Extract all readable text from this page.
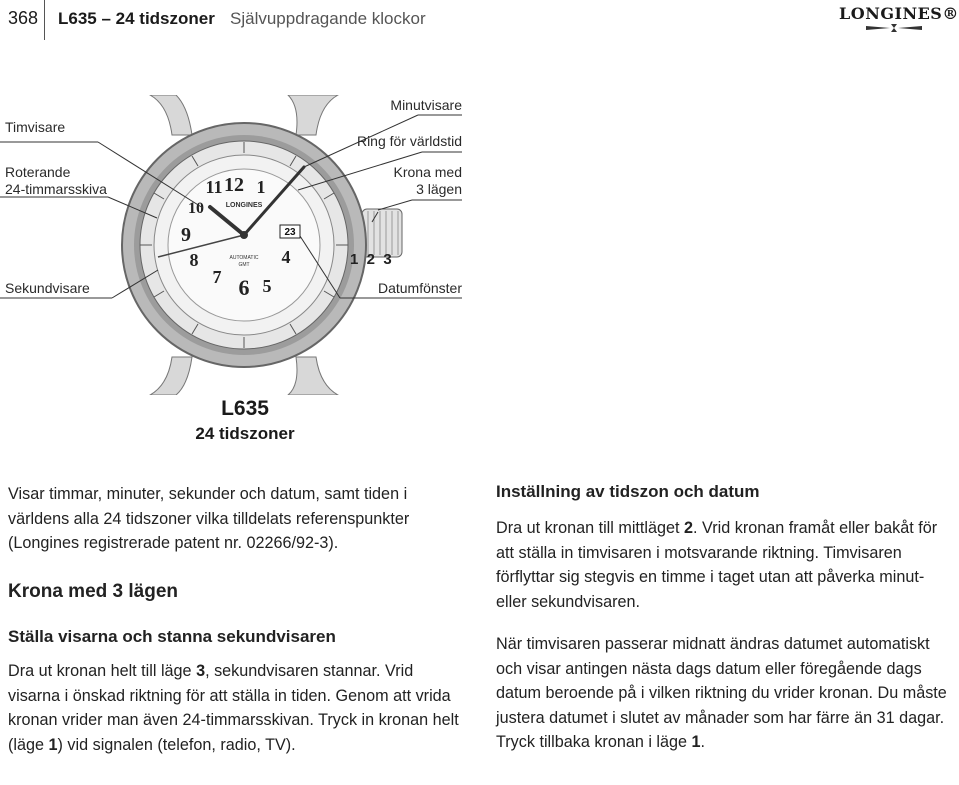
368 L635 – 24 tidszoner Självuppdragande klockor	LONGINES®
12 1
4
5
6
7
8
9
10
11
LONGINES
AUTOMATIC
GMT
23
Timvisare
Roterande
24-timmarsskiva
Sekundvisare
Minutvisare
Ring för världstid
Krona med
3 lägen
1  2  3
Datumfönster
L635
24 tidszoner
Visar timmar, minuter, sekunder och datum, samt tiden i världens alla 24 tidszoner vilka tilldelats referenspunkter (Longines registrerade patent nr. 02266/92-3).
Krona med 3 lägen
Ställa visarna och stanna sekundvisaren

Dra ut kronan helt till läge 3, sekundvisaren stannar. Vrid visarna i önskad riktning för att ställa in tiden. Genom att vrida kronan vrider man även 24-timmarsskivan. Tryck in kronan helt (läge 1) vid signalen (telefon, radio, TV).

Inställning av tidszon och datum

Dra ut kronan till mittläget 2. Vrid kronan framåt eller bakåt för att ställa in timvisaren i motsvarande riktning. Timvisaren förflyttar sig stegvis en timme i taget utan att påverka minut- eller sekundvisaren.

När timvisaren passerar midnatt ändras datumet automatiskt och visar antingen nästa dags datum eller föregående dags datum beroende på i vilken riktning du vrider kronan. Du måste justera datumet i slutet av månader som har färre än 31 dagar. Tryck tillbaka kronan i läge 1.
